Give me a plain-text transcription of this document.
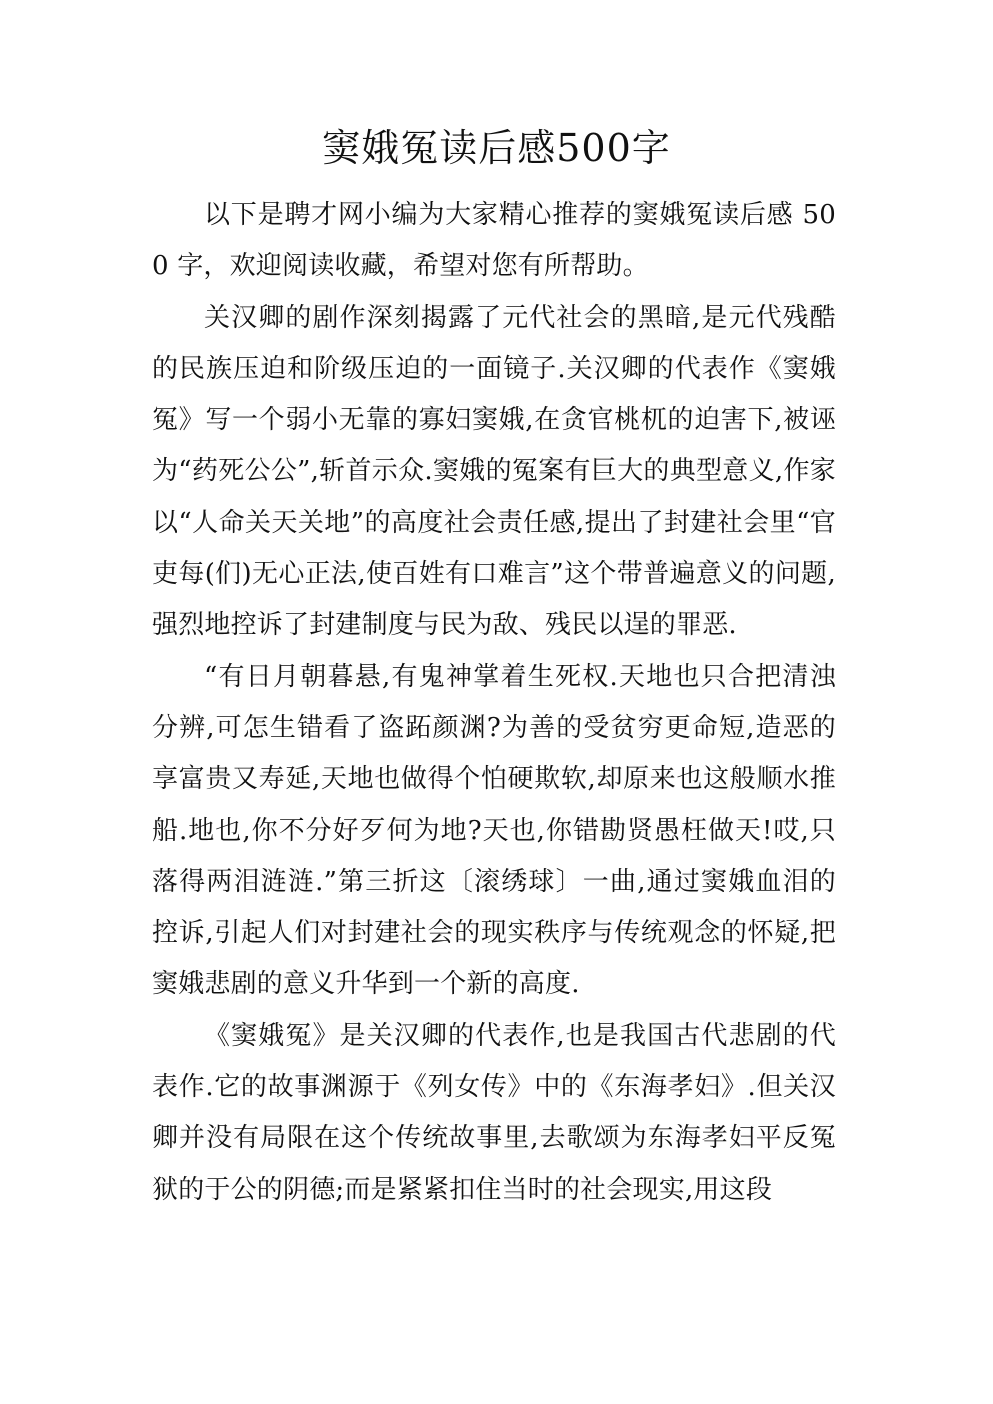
窦娥冤读后感500字

以下是聘才网小编为大家精心推荐的窦娥冤读后感 500 字，欢迎阅读收藏，希望对您有所帮助。

关汉卿的剧作深刻揭露了元代社会的黑暗,是元代残酷的民族压迫和阶级压迫的一面镜子.关汉卿的代表作《窦娥冤》写一个弱小无靠的寡妇窦娥,在贪官桃杌的迫害下,被诬为“药死公公”,斩首示众.窦娥的冤案有巨大的典型意义,作家以“人命关天关地”的高度社会责任感,提出了封建社会里“官吏每(们)无心正法,使百姓有口难言”这个带普遍意义的问题,强烈地控诉了封建制度与民为敌、残民以逞的罪恶.

“有日月朝暮悬,有鬼神掌着生死权.天地也只合把清浊分辨,可怎生错看了盗跖颜渊?为善的受贫穷更命短,造恶的享富贵又寿延,天地也做得个怕硬欺软,却原来也这般顺水推船.地也,你不分好歹何为地?天也,你错勘贤愚枉做天!哎,只落得两泪涟涟.”第三折这〔滚绣球〕一曲,通过窦娥血泪的控诉,引起人们对封建社会的现实秩序与传统观念的怀疑,把窦娥悲剧的意义升华到一个新的高度.

《窦娥冤》是关汉卿的代表作,也是我国古代悲剧的代表作.它的故事渊源于《列女传》中的《东海孝妇》.但关汉卿并没有局限在这个传统故事里,去歌颂为东海孝妇平反冤狱的于公的阴德;而是紧紧扣住当时的社会现实,用这段
